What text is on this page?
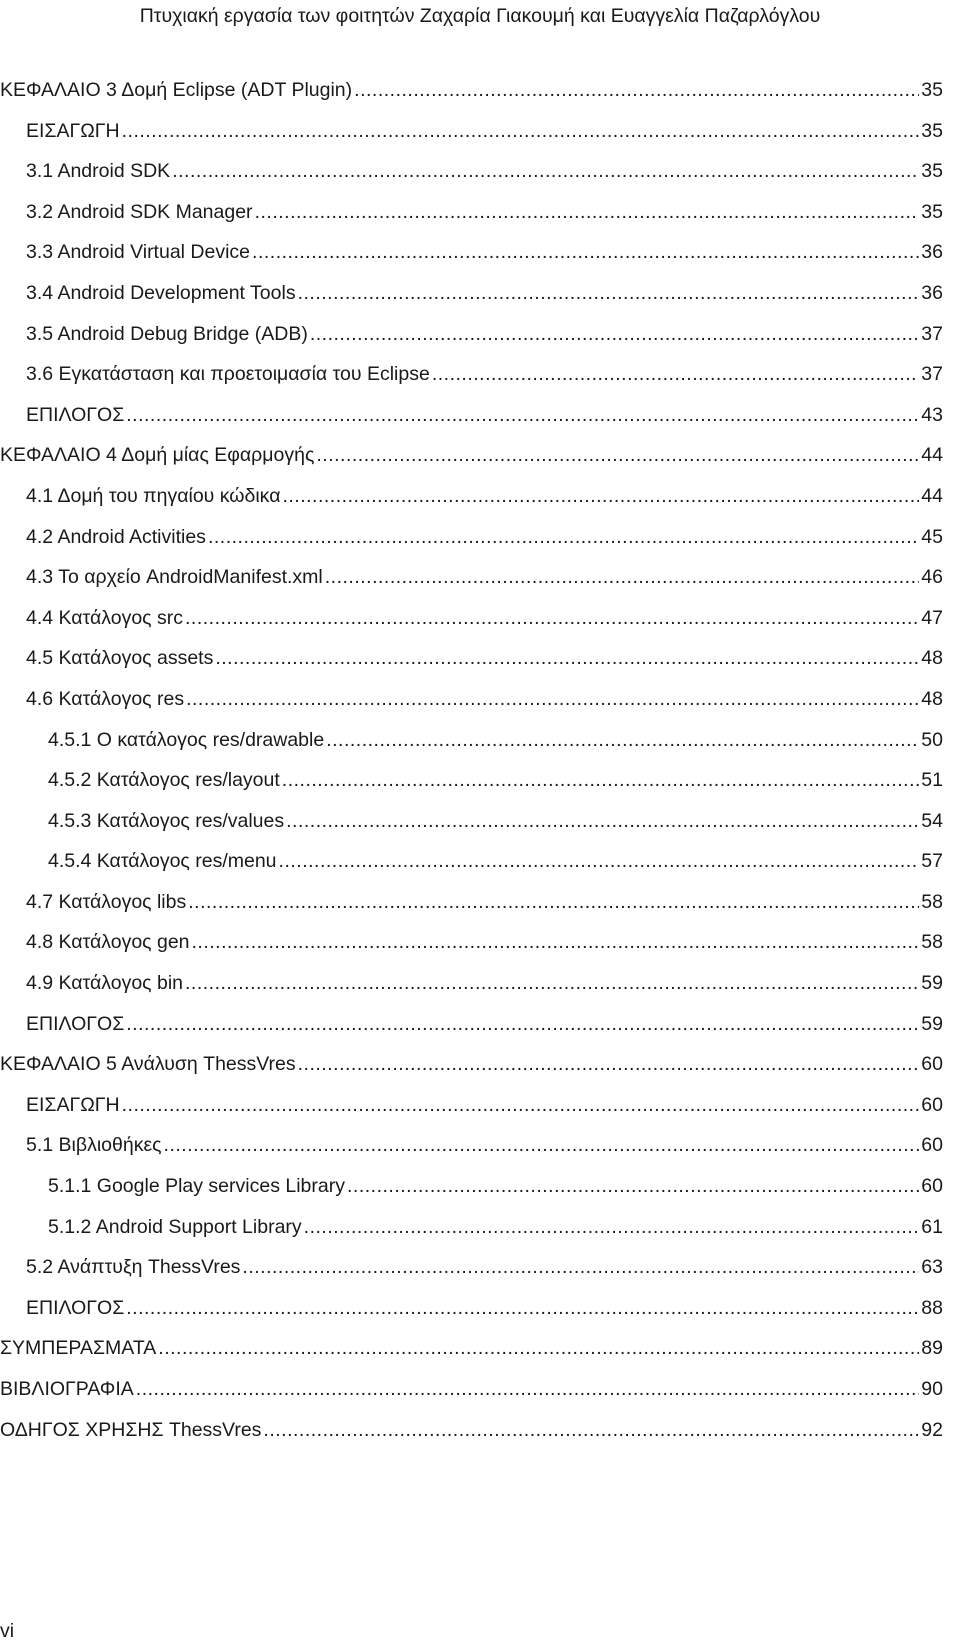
Πτυχιακή εργασία των φοιτητών Ζαχαρία Γιακουμή και Ευαγγελία Παζαρλόγλου
ΚΕΦΑΛΑΙΟ 3 Δομή Eclipse (ADT Plugin) .....	35
ΕΙΣΑΓΩΓΗ .....	35
3.1 Android SDK .....	35
3.2 Android SDK Manager .....	35
3.3 Android Virtual Device .....	36
3.4 Android Development Tools .....	36
3.5 Android Debug Bridge (ADB) .....	37
3.6 Εγκατάσταση και προετοιμασία του Eclipse .....	37
ΕΠΙΛΟΓΟΣ .....	43
ΚΕΦΑΛΑΙΟ 4 Δομή μίας Εφαρμογής .....	44
4.1 Δομή του πηγαίου κώδικα .....	44
4.2 Android Activities .....	45
4.3 Το αρχείο AndroidManifest.xml .....	46
4.4 Κατάλογος src .....	47
4.5 Κατάλογος assets .....	48
4.6 Κατάλογος res .....	48
4.5.1 Ο κατάλογος res/drawable .....	50
4.5.2 Κατάλογος res/layout .....	51
4.5.3 Κατάλογος res/values .....	54
4.5.4 Κατάλογος res/menu .....	57
4.7 Κατάλογος libs .....	58
4.8 Κατάλογος gen .....	58
4.9 Κατάλογος bin .....	59
ΕΠΙΛΟΓΟΣ .....	59
ΚΕΦΑΛΑΙΟ 5 Ανάλυση ThessVres .....	60
ΕΙΣΑΓΩΓΗ .....	60
5.1 Βιβλιοθήκες .....	60
5.1.1 Google Play services Library .....	60
5.1.2 Android Support Library .....	61
5.2 Ανάπτυξη ThessVres .....	63
ΕΠΙΛΟΓΟΣ .....	88
ΣΥΜΠΕΡΑΣΜΑΤΑ .....	89
ΒΙΒΛΙΟΓΡΑΦΙΑ .....	90
ΟΔΗΓΟΣ ΧΡΗΣΗΣ ThessVres .....	92
vi
